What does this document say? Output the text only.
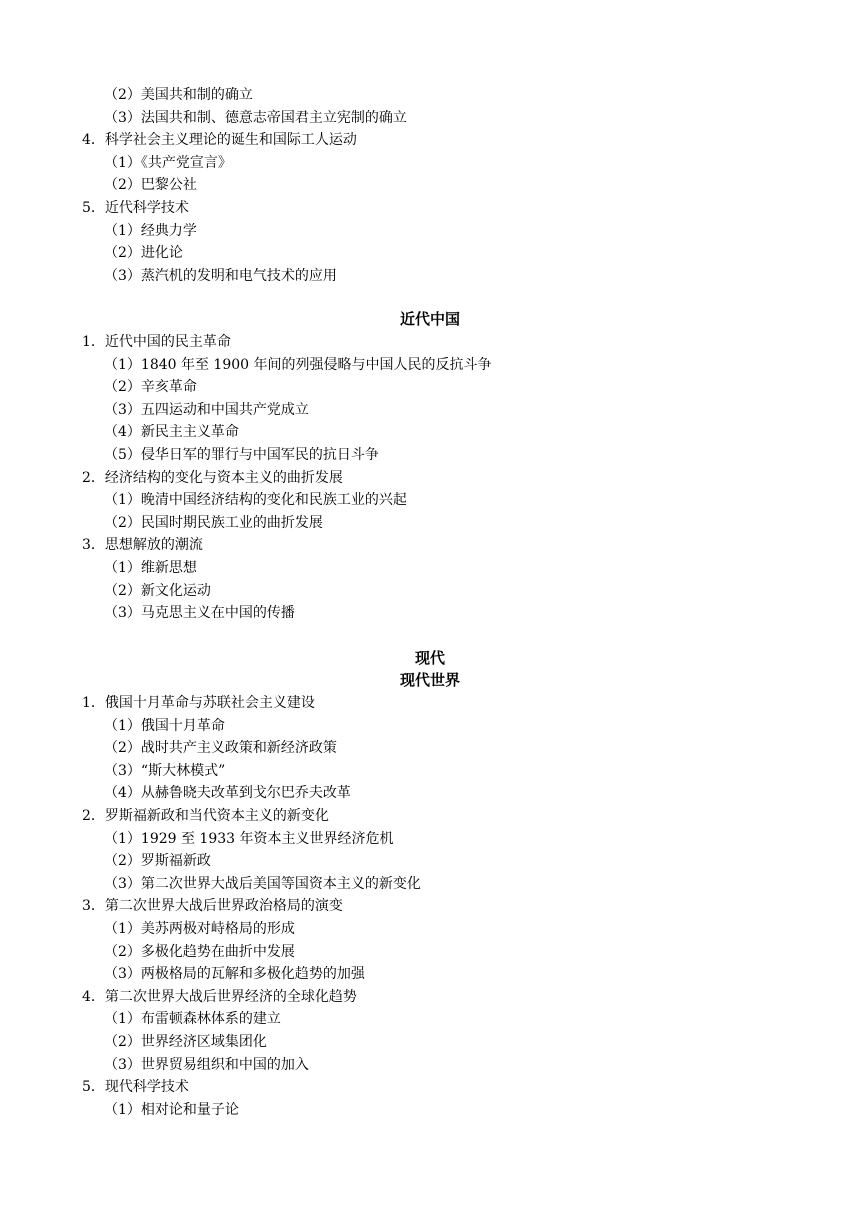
（2）美国共和制的确立
（3）法国共和制、德意志帝国君主立宪制的确立
4．科学社会主义理论的诞生和国际工人运动
（1）《共产党宣言》
（2）巴黎公社
5．近代科学技术
（1）经典力学
（2）进化论
（3）蒸汽机的发明和电气技术的应用
近代中国
1．近代中国的民主革命
（1）1840 年至 1900 年间的列强侵略与中国人民的反抗斗争
（2）辛亥革命
（3）五四运动和中国共产党成立
（4）新民主主义革命
（5）侵华日军的罪行与中国军民的抗日斗争
2．经济结构的变化与资本主义的曲折发展
（1）晚清中国经济结构的变化和民族工业的兴起
（2）民国时期民族工业的曲折发展
3．思想解放的潮流
（1）维新思想
（2）新文化运动
（3）马克思主义在中国的传播
现代
现代世界
1．俄国十月革命与苏联社会主义建设
（1）俄国十月革命
（2）战时共产主义政策和新经济政策
（3）“斯大林模式”
（4）从赫鲁晓夫改革到戈尔巴乔夫改革
2．罗斯福新政和当代资本主义的新变化
（1）1929 至 1933 年资本主义世界经济危机
（2）罗斯福新政
（3）第二次世界大战后美国等国资本主义的新变化
3．第二次世界大战后世界政治格局的演变
（1）美苏两极对峙格局的形成
（2）多极化趋势在曲折中发展
（3）两极格局的瓦解和多极化趋势的加强
4．第二次世界大战后世界经济的全球化趋势
（1）布雷顿森林体系的建立
（2）世界经济区域集团化
（3）世界贸易组织和中国的加入
5．现代科学技术
（1）相对论和量子论
